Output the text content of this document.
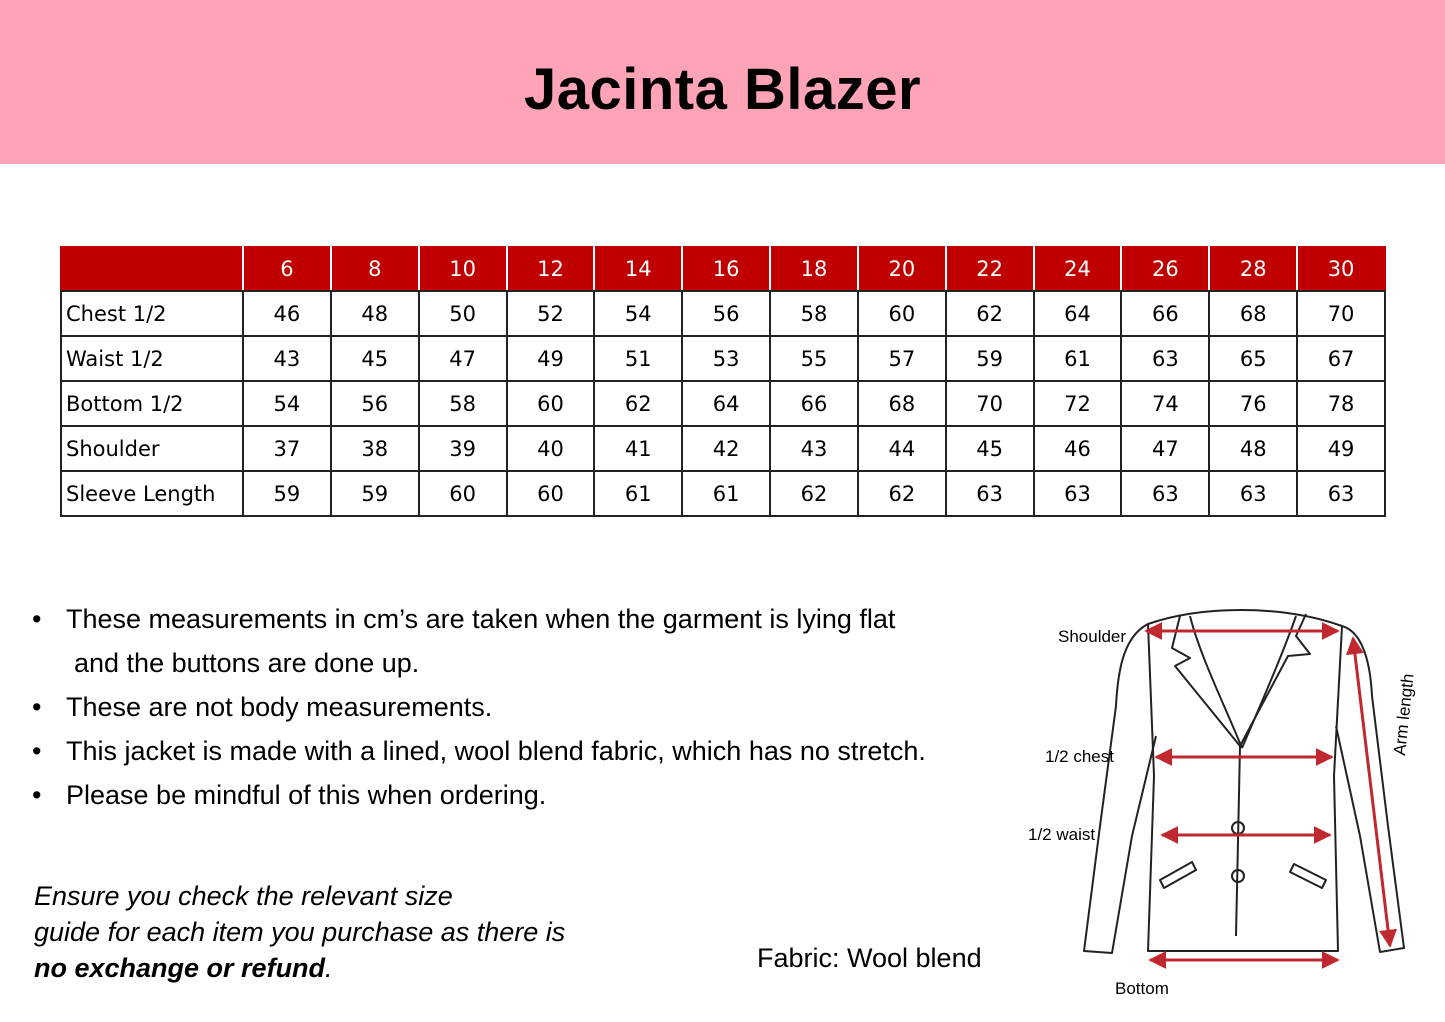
Jacinta Blazer
	6	8	10	12	14	16	18	20	22	24	26	28	30
Chest 1/2	46	48	50	52	54	56	58	60	62	64	66	68	70
Waist 1/2	43	45	47	49	51	53	55	57	59	61	63	65	67
Bottom 1/2	54	56	58	60	62	64	66	68	70	72	74	76	78
Shoulder	37	38	39	40	41	42	43	44	45	46	47	48	49
Sleeve Length	59	59	60	60	61	61	62	62	63	63	63	63	63
• These measurements in cm’s are taken when the garment is lying flat
and the buttons are done up.
• These are not body measurements.
• This jacket is made with a lined, wool blend fabric, which has no stretch.
• Please be mindful of this when ordering.
Ensure you check the relevant size
guide for each item you purchase as there is
no exchange or refund.	Fabric: Wool blend
Shoulder
1/2 chest
1/2 waist
Bottom
Arm length
